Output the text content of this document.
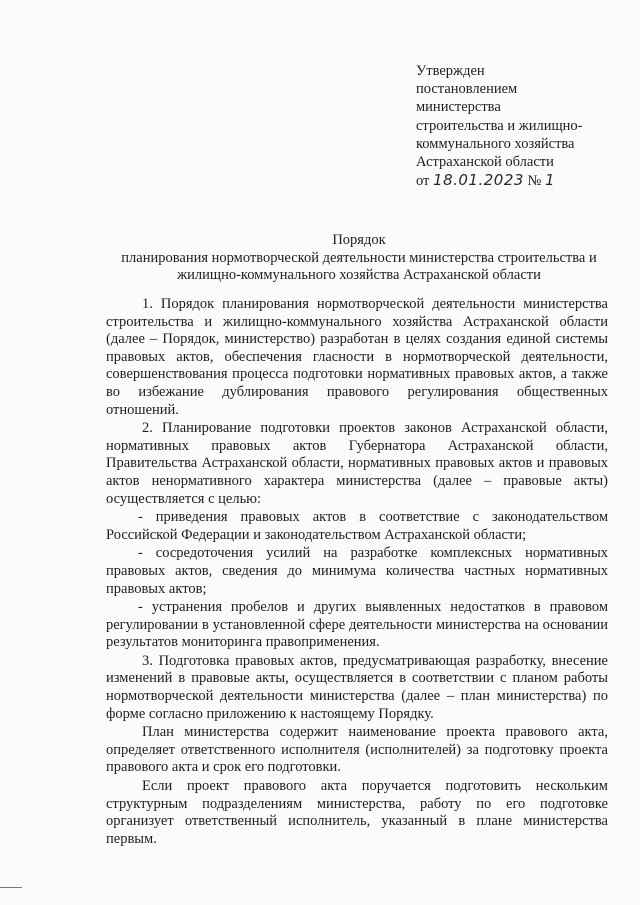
Утвержден
постановлением
министерства
строительства и жилищно-
коммунального хозяйства
Астраханской области
от 18.01.2023 № 1
Порядок
планирования нормотворческой деятельности министерства строительства и жилищно-коммунального хозяйства Астраханской области

1. Порядок планирования нормотворческой деятельности министерства строительства и жилищно-коммунального хозяйства Астраханской области (далее – Порядок, министерство) разработан в целях создания единой системы правовых актов, обеспечения гласности в нормотворческой деятельности, совершенствования процесса подготовки нормативных правовых актов, а также во избежание дублирования правового регулирования общественных отношений.

2. Планирование подготовки проектов законов Астраханской области, нормативных правовых актов Губернатора Астраханской области, Правительства Астраханской области, нормативных правовых актов и правовых актов ненормативного характера министерства (далее – правовые акты) осуществляется с целью:

- приведения правовых актов в соответствие с законодательством Российской Федерации и законодательством Астраханской области;

- сосредоточения усилий на разработке комплексных нормативных правовых актов, сведения до минимума количества частных нормативных правовых актов;

- устранения пробелов и других выявленных недостатков в правовом регулировании в установленной сфере деятельности министерства на основании результатов мониторинга правоприменения.

3. Подготовка правовых актов, предусматривающая разработку, внесение изменений в правовые акты, осуществляется в соответствии с планом работы нормотворческой деятельности министерства (далее – план министерства) по форме согласно приложению к настоящему Порядку.

План министерства содержит наименование проекта правового акта, определяет ответственного исполнителя (исполнителей) за подготовку проекта правового акта и срок его подготовки.

Если проект правового акта поручается подготовить нескольким структурным подразделениям министерства, работу по его подготовке организует ответственный исполнитель, указанный в плане министерства первым.
